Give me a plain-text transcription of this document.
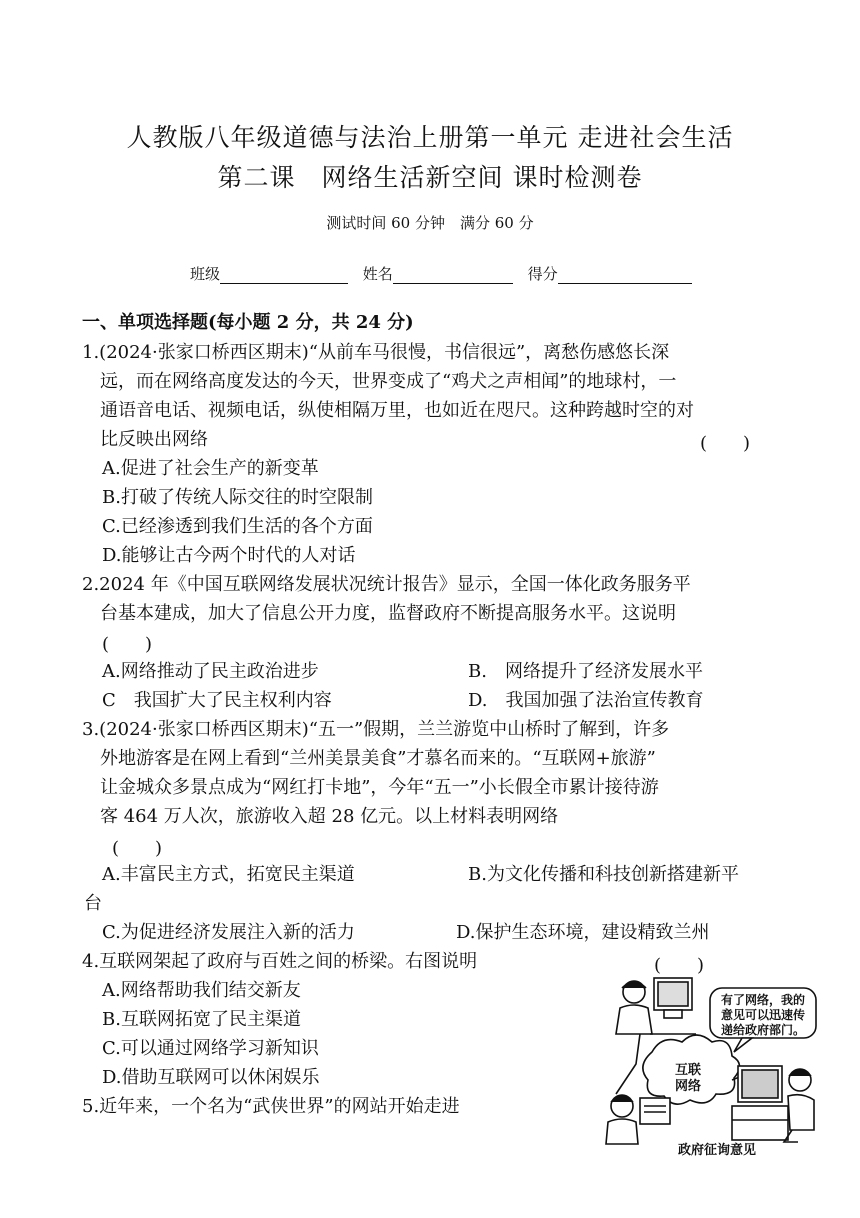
人教版八年级道德与法治上册第一单元 走进社会生活
第二课　网络生活新空间 课时检测卷
测试时间 60 分钟　满分 60 分
班级	姓名	得分
一、单项选择题(每小题 2 分，共 24 分)
1.(2024·张家口桥西区期末)“从前车马很慢，书信很远”，离愁伤感悠长深
远，而在网络高度发达的今天，世界变成了“鸡犬之声相闻”的地球村，一
通语音电话、视频电话，纵使相隔万里，也如近在咫尺。这种跨越时空的对
比反映出网络	(　　)
A.促进了社会生产的新变革
B.打破了传统人际交往的时空限制
C.已经渗透到我们生活的各个方面
D.能够让古今两个时代的人对话
2.2024 年《中国互联网络发展状况统计报告》显示，全国一体化政务服务平
台基本建成，加大了信息公开力度，监督政府不断提高服务水平。这说明
(　　)
A.网络推动了民主政治进步	B.　网络提升了经济发展水平
C　我国扩大了民主权利内容	D.　我国加强了法治宣传教育
3.(2024·张家口桥西区期末)“五一”假期，兰兰游览中山桥时了解到，许多
外地游客是在网上看到“兰州美景美食”才慕名而来的。“互联网+旅游”
让金城众多景点成为“网红打卡地”，今年“五一”小长假全市累计接待游
客 464 万人次，旅游收入超 28 亿元。以上材料表明网络
(　　)
A.丰富民主方式，拓宽民主渠道	B.为文化传播和科技创新搭建新平
台
C.为促进经济发展注入新的活力	D.保护生态环境，建设精致兰州
4.互联网架起了政府与百姓之间的桥梁。右图说明	(　　)
A.网络帮助我们结交新友
B.互联网拓宽了民主渠道
C.可以通过网络学习新知识
D.借助互联网可以休闲娱乐
5.近年来，一个名为“武侠世界”的网站开始走进
有了网络，我的
意见可以迅速传
递给政府部门。
互联
网络
政府征询意见
